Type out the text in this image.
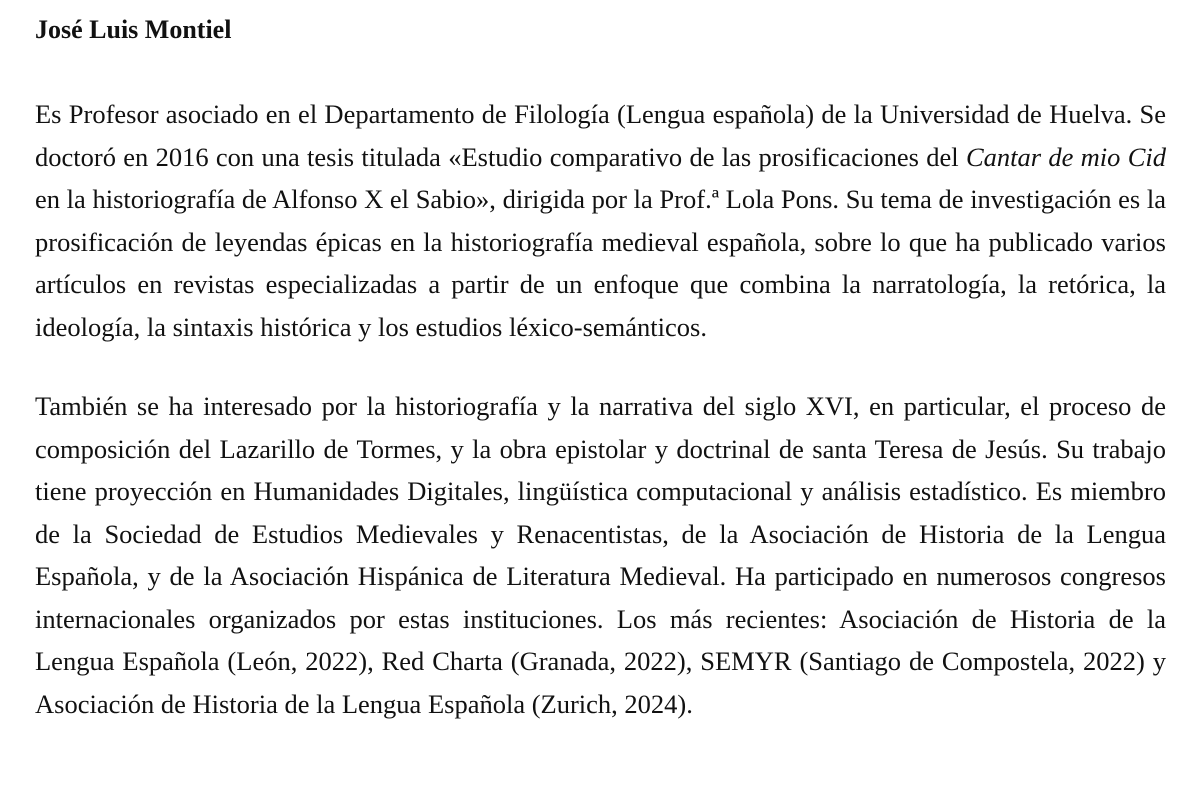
José Luis Montiel

Es Profesor asociado en el Departamento de Filología (Lengua española) de la Universidad de Huelva. Se doctoró en 2016 con una tesis titulada «Estudio comparativo de las prosificaciones del Cantar de mio Cid en la historiografía de Alfonso X el Sabio», dirigida por la Prof.ª Lola Pons. Su tema de investigación es la prosificación de leyendas épicas en la historiografía medieval española, sobre lo que ha publicado varios artículos en revistas especializadas a partir de un enfoque que combina la narratología, la retórica, la ideología, la sintaxis histórica y los estudios léxico-semánticos.

También se ha interesado por la historiografía y la narrativa del siglo XVI, en particular, el proceso de composición del Lazarillo de Tormes, y la obra epistolar y doctrinal de santa Teresa de Jesús. Su trabajo tiene proyección en Humanidades Digitales, lingüística computacional y análisis estadístico. Es miembro de la Sociedad de Estudios Medievales y Renacentistas, de la Asociación de Historia de la Lengua Española, y de la Asociación Hispánica de Literatura Medieval. Ha participado en numerosos congresos internacionales organizados por estas instituciones. Los más recientes: Asociación de Historia de la Lengua Española (León, 2022), Red Charta (Granada, 2022), SEMYR (Santiago de Compostela, 2022) y Asociación de Historia de la Lengua Española (Zurich, 2024).
